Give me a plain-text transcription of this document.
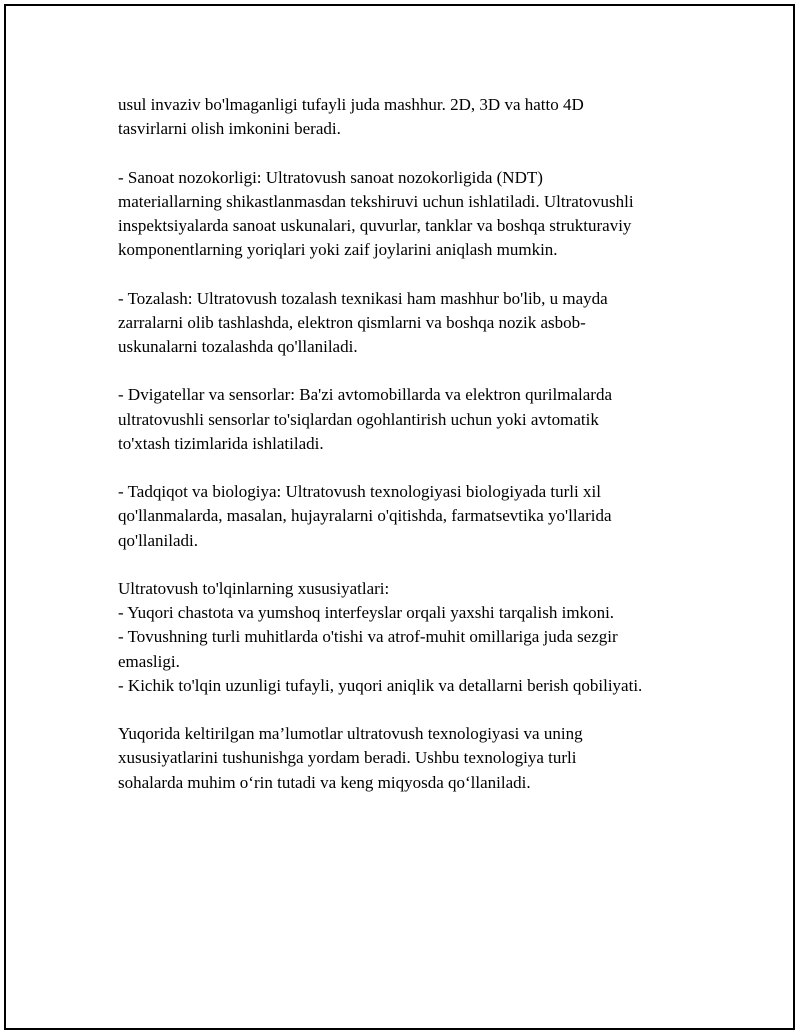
usul invaziv bo'lmaganligi tufayli juda mashhur. 2D, 3D va hatto 4D
tasvirlarni olish imkonini beradi.

- Sanoat nozokorligi: Ultratovush sanoat nozokorligida (NDT)
materiallarning shikastlanmasdan tekshiruvi uchun ishlatiladi. Ultratovushli
inspektsiyalarda sanoat uskunalari, quvurlar, tanklar va boshqa strukturaviy
komponentlarning yoriqlari yoki zaif joylarini aniqlash mumkin.

- Tozalash: Ultratovush tozalash texnikasi ham mashhur bo'lib, u mayda
zarralarni olib tashlashda, elektron qismlarni va boshqa nozik asbob-
uskunalarni tozalashda qo'llaniladi.

- Dvigatellar va sensorlar: Ba'zi avtomobillarda va elektron qurilmalarda
ultratovushli sensorlar to'siqlardan ogohlantirish uchun yoki avtomatik
to'xtash tizimlarida ishlatiladi.

- Tadqiqot va biologiya: Ultratovush texnologiyasi biologiyada turli xil
qo'llanmalarda, masalan, hujayralarni o'qitishda, farmatsevtika yo'llarida
qo'llaniladi.

Ultratovush to'lqinlarning xususiyatlari:
- Yuqori chastota va yumshoq interfeyslar orqali yaxshi tarqalish imkoni.
- Tovushning turli muhitlarda o'tishi va atrof-muhit omillariga juda sezgir
emasligi.
- Kichik to'lqin uzunligi tufayli, yuqori aniqlik va detallarni berish qobiliyati.

Yuqorida keltirilgan ma’lumotlar ultratovush texnologiyasi va uning
xususiyatlarini tushunishga yordam beradi. Ushbu texnologiya turli
sohalarda muhim o‘rin tutadi va keng miqyosda qo‘llaniladi.
